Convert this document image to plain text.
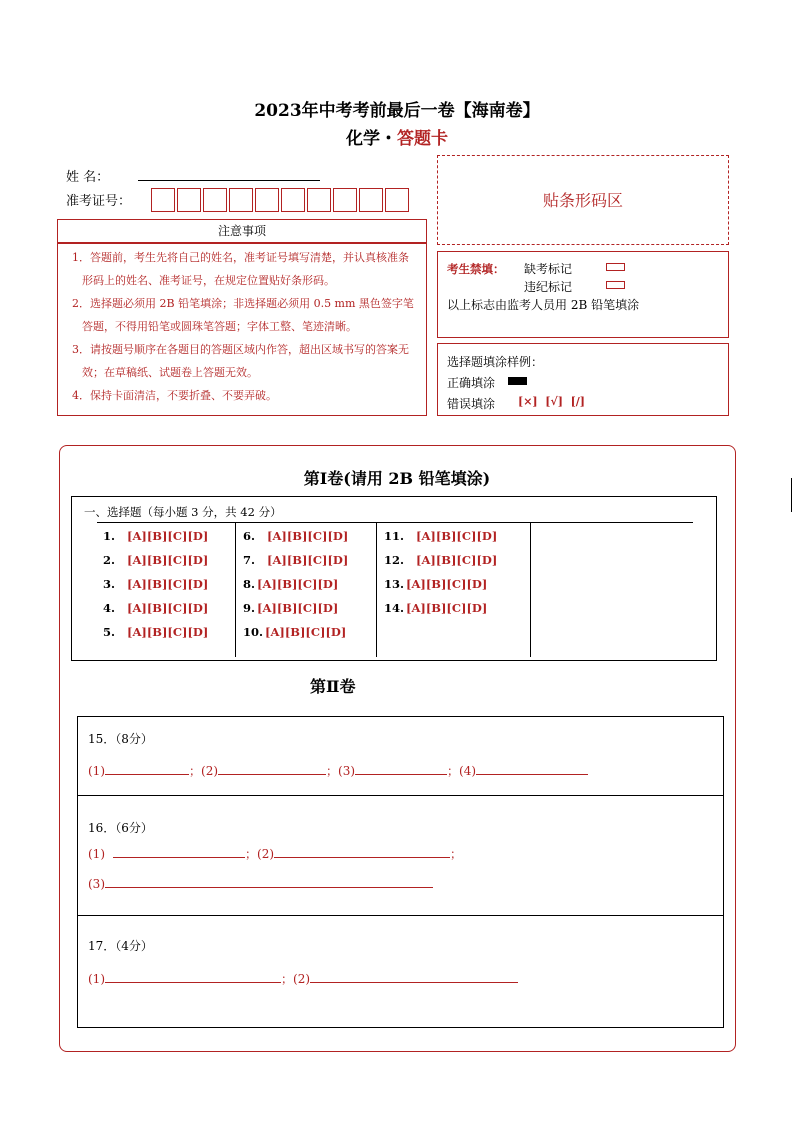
2023年中考考前最后一卷【海南卷】
化学・答题卡
姓 名：
准考证号：	贴条形码区
注意事项

1．答题前，考生先将自己的姓名，准考证号填写清楚，并认真核准条形码上的姓名、准考证号，在规定位置贴好条形码。

2．选择题必须用 2B 铅笔填涂；非选择题必须用 0.5 mm 黑色签字笔答题，不得用铅笔或圆珠笔答题；字体工整、笔迹清晰。

3．请按题号顺序在各题目的答题区域内作答，超出区域书写的答案无效；在草稿纸、试题卷上答题无效。

4．保持卡面清洁，不要折叠、不要弄破。

考生禁填： 缺考标记
违纪标记
以上标志由监考人员用 2B 铅笔填涂
选择题填涂样例：
正确填涂
错误填涂 [×]  [√]  [/]
第Ⅰ卷(请用 2B 铅笔填涂)
一、选择题（每小题 3 分，共 42 分）
1. [A][B][C][D]
2. [A][B][C][D]
3. [A][B][C][D]
4. [A][B][C][D]
5. [A][B][C][D]
6. [A][B][C][D]
7. [A][B][C][D]
8. [A][B][C][D]
9. [A][B][C][D]
10. [A][B][C][D]
11. [A][B][C][D]
12. [A][B][C][D]
13. [A][B][C][D]
14. [A][B][C][D]
第Ⅱ卷
15．（8分）
(1)	；(2)	；(3)	；(4)
16．（6分）
(1)	；(2)	；
(3)
17．（4分）
(1)	；(2)
